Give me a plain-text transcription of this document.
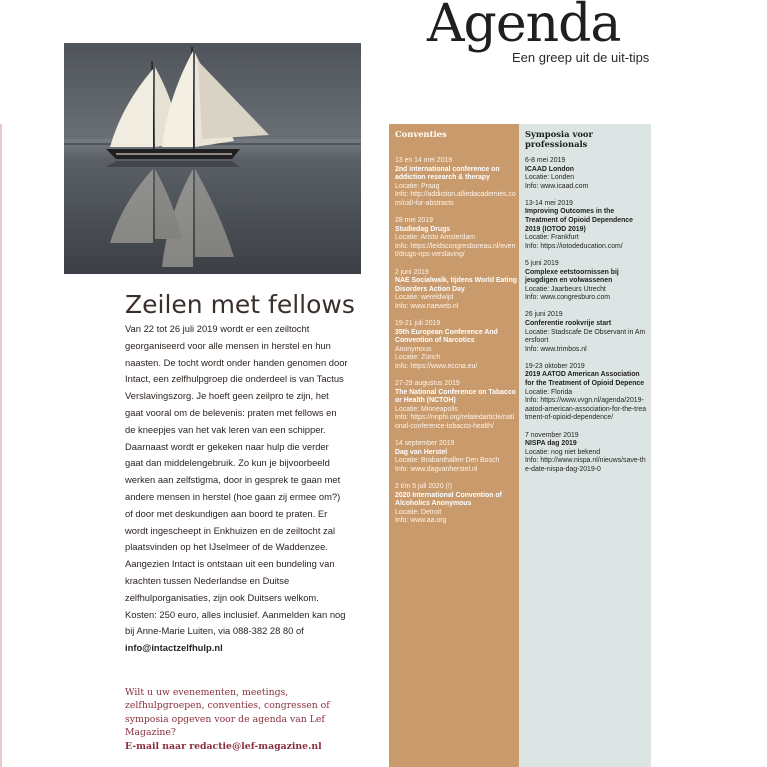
Agenda
Een greep uit de uit-tips
Zeilen met fellows
Van 22 tot 26 juli 2019 wordt er een zeiltocht georganiseerd voor alle mensen in herstel en hun naasten. De tocht wordt onder handen genomen door Intact, een zelfhulpgroep die onderdeel is van Tactus Verslavingszorg. Je hoeft geen zeilpro te zijn, het gaat vooral om de belevenis: praten met fellows en de kneepjes van het vak leren van een schipper. Daarnaast wordt er gekeken naar hulp die verder gaat dan middelengebruik. Zo kun je bijvoorbeeld werken aan zelfstigma, door in gesprek te gaan met andere mensen in herstel (hoe gaan zij ermee om?) of door met deskundigen aan boord te praten. Er wordt ingescheept in Enkhuizen en de zeiltocht zal plaatsvinden op het IJselmeer of de Waddenzee. Aangezien Intact is ontstaan uit een bundeling van krachten tussen Nederlandse en Duitse zelfhulporganisaties, zijn ook Duitsers welkom. Kosten: 250 euro, alles inclusief. Aanmelden kan nog bij Anne-Marie Luiten, via 088-382 28 80 of
info@intactzelfhulp.nl
Wilt u uw evenementen, meetings, zelfhulpgroepen, conventies, congressen of symposia opgeven voor de agenda van Lef Magazine?
E-mail naar redactie@lef-magazine.nl
Conventies
13 en 14 mei 2019
2nd international conference on addiction research & therapy
Locatie: Praag
Info: http://addiction.alliedacademies.com/call-for-abstracts
28 mei 2019
Studiedag Drugs
Locatie: Aristo Amsterdam
Info: https://leidscongresbureau.nl/event/drugs-nps-verslaving/
2 juni 2019
NAE Socialwalk, tijdens World Eating Disorders Action Day
Locatie: wereldwijd
Info: www.naeweb.nl
19-21 juli 2019
35th European Conference And Convention of Narcotics
Anonymous
Locatie: Zürich
Info: https://www.eccna.eu/
27-29 augustus 2019
The National Conference on Tabacco or Health (NCTOH)
Locatie: Minneapolis
Info: https://nnphi.org/relatedarticle/national-conference-tobacco-health/
14 september 2019
Dag van Herstel
Locatie: Brabanthallen Den Bosch
Info: www.dagvanherstel.nl
2 t/m 5 juli 2020 (!)
2020 International Convention of Alcoholics Anonymous
Locatie: Detroit
Info: www.aa.org
Symposia voor professionals
6-8 mei 2019
ICAAD London
Locatie: Londen
Info: www.icaad.com
13-14 mei 2019
Improving Outcomes in the Treatment of Opioid Dependence 2019 (IOTOD 2019)
Locatie: Frankfurt
Info: https://iotodeducation.com/
5 juni 2019
Complexe eetstoornissen bij jeugdigen en volwassenen
Locatie: Jaarbeurs Utrecht
Info: www.congresburo.com
26 juni 2019
Conferentie rookvrije start
Locatie: Stadscafe De Observant in Amersfoort
Info: www.trimbos.nl
19-23 oktober 2019
2019 AATOD American Association for the Treatment of Opioid Depence
Locatie: Florida
Info: https://www.vvgn.nl/agenda/2019-aatod-american-association-for-the-treatment-of-opioid-dependence/
7 november 2019
NISPA dag 2019
Locatie: nog niet bekend
Info: http://www.nispa.nl/nieuws/save-the-date-nispa-dag-2019-0
